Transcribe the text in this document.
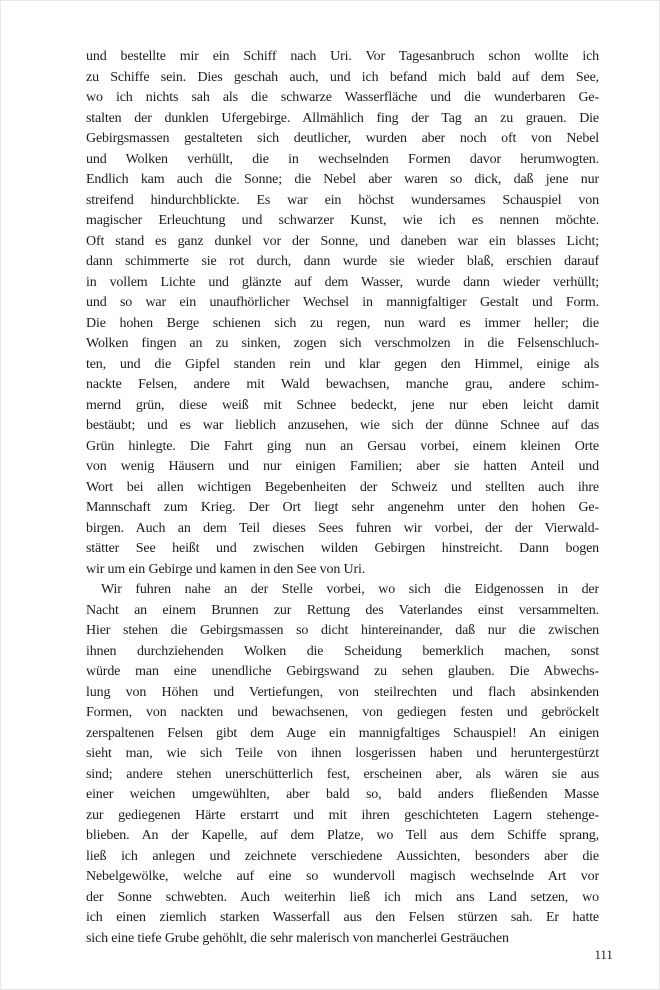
und bestellte mir ein Schiff nach Uri. Vor Tagesanbruch schon wollte ich
zu Schiffe sein. Dies geschah auch, und ich befand mich bald auf dem See,
wo ich nichts sah als die schwarze Wasserfläche und die wunderbaren Ge-
stalten der dunklen Ufergebirge. Allmählich fing der Tag an zu grauen. Die
Gebirgsmassen gestalteten sich deutlicher, wurden aber noch oft von Nebel
und Wolken verhüllt, die in wechselnden Formen davor herumwogten.
Endlich kam auch die Sonne; die Nebel aber waren so dick, daß jene nur
streifend hindurchblickte. Es war ein höchst wundersames Schauspiel von
magischer Erleuchtung und schwarzer Kunst, wie ich es nennen möchte.
Oft stand es ganz dunkel vor der Sonne, und daneben war ein blasses Licht;
dann schimmerte sie rot durch, dann wurde sie wieder blaß, erschien darauf
in vollem Lichte und glänzte auf dem Wasser, wurde dann wieder verhüllt;
und so war ein unaufhörlicher Wechsel in mannigfaltiger Gestalt und Form.
Die hohen Berge schienen sich zu regen, nun ward es immer heller; die
Wolken fingen an zu sinken, zogen sich verschmolzen in die Felsenschluch-
ten, und die Gipfel standen rein und klar gegen den Himmel, einige als
nackte Felsen, andere mit Wald bewachsen, manche grau, andere schim-
mernd grün, diese weiß mit Schnee bedeckt, jene nur eben leicht damit
bestäubt; und es war lieblich anzusehen, wie sich der dünne Schnee auf das
Grün hinlegte. Die Fahrt ging nun an Gersau vorbei, einem kleinen Orte
von wenig Häusern und nur einigen Familien; aber sie hatten Anteil und
Wort bei allen wichtigen Begebenheiten der Schweiz und stellten auch ihre
Mannschaft zum Krieg. Der Ort liegt sehr angenehm unter den hohen Ge-
birgen. Auch an dem Teil dieses Sees fuhren wir vorbei, der der Vierwald-
stätter See heißt und zwischen wilden Gebirgen hinstreicht. Dann bogen
wir um ein Gebirge und kamen in den See von Uri.
Wir fuhren nahe an der Stelle vorbei, wo sich die Eidgenossen in der
Nacht an einem Brunnen zur Rettung des Vaterlandes einst versammelten.
Hier stehen die Gebirgsmassen so dicht hintereinander, daß nur die zwischen
ihnen durchziehenden Wolken die Scheidung bemerklich machen, sonst
würde man eine unendliche Gebirgswand zu sehen glauben. Die Abwechs-
lung von Höhen und Vertiefungen, von steilrechten und flach absinkenden
Formen, von nackten und bewachsenen, von gediegen festen und gebröckelt
zerspaltenen Felsen gibt dem Auge ein mannigfaltiges Schauspiel! An einigen
sieht man, wie sich Teile von ihnen losgerissen haben und heruntergestürzt
sind; andere stehen unerschütterlich fest, erscheinen aber, als wären sie aus
einer weichen umgewühlten, aber bald so, bald anders fließenden Masse
zur gediegenen Härte erstarrt und mit ihren geschichteten Lagern stehenge-
blieben. An der Kapelle, auf dem Platze, wo Tell aus dem Schiffe sprang,
ließ ich anlegen und zeichnete verschiedene Aussichten, besonders aber die
Nebelgewölke, welche auf eine so wundervoll magisch wechselnde Art vor
der Sonne schwebten. Auch weiterhin ließ ich mich ans Land setzen, wo
ich einen ziemlich starken Wasserfall aus den Felsen stürzen sah. Er hatte
sich eine tiefe Grube gehöhlt, die sehr malerisch von mancherlei Gesträuchen
111
